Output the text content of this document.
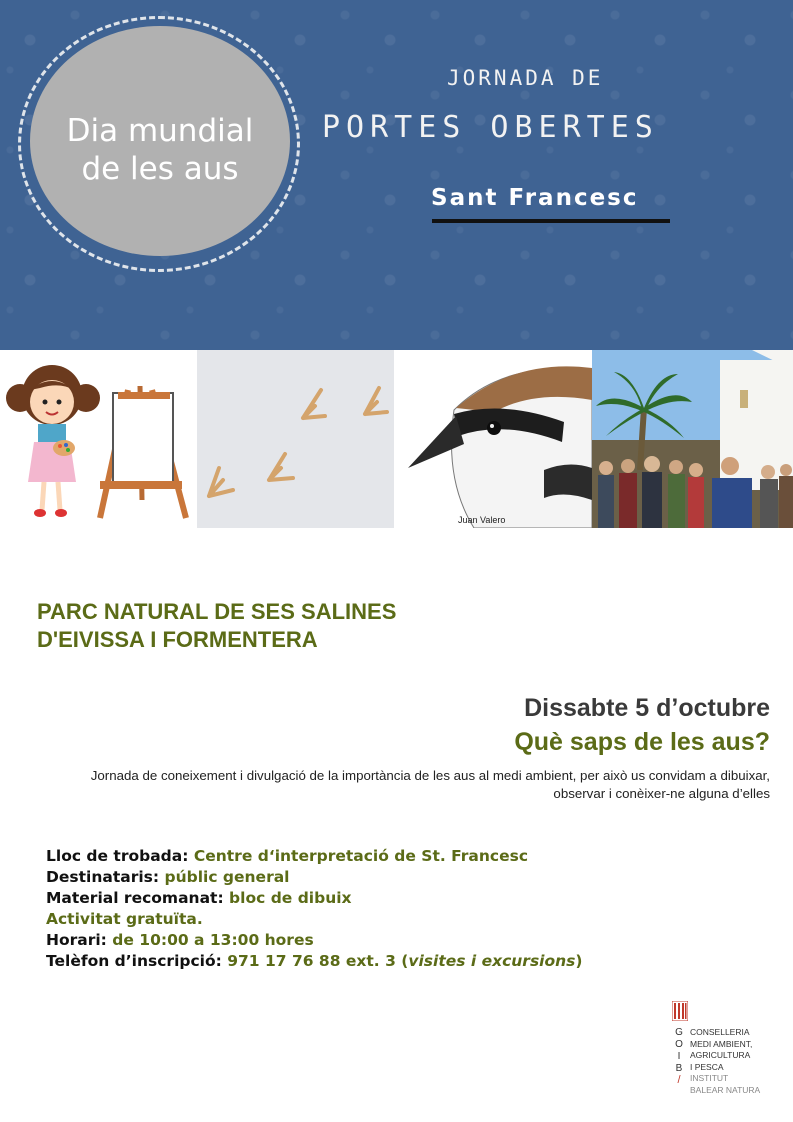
Dia mundial
de les aus
JORNADA DE
PORTES OBERTES
Sant Francesc
Juan Valero
PARC NATURAL DE SES SALINES D'EIVISSA I FORMENTERA
Dissabte 5 d’octubre
Què saps de les aus?
Jornada de coneixement i divulgació de la importància de les aus al medi ambient, per això us convidam a dibuixar, observar i conèixer-ne alguna d’elles
Lloc de trobada: Centre d‘interpretació de St. Francesc
Destinataris: públic general
Material recomanat: bloc de dibuix
Activitat gratuïta.
Horari: de 10:00 a 13:00 hores
Telèfon d’inscripció: 971 17 76 88 ext. 3 (visites i excursions)
G
O
I
B
/
CONSELLERIA
MEDI AMBIENT,
AGRICULTURA
I PESCA
INSTITUT
BALEAR NATURA
